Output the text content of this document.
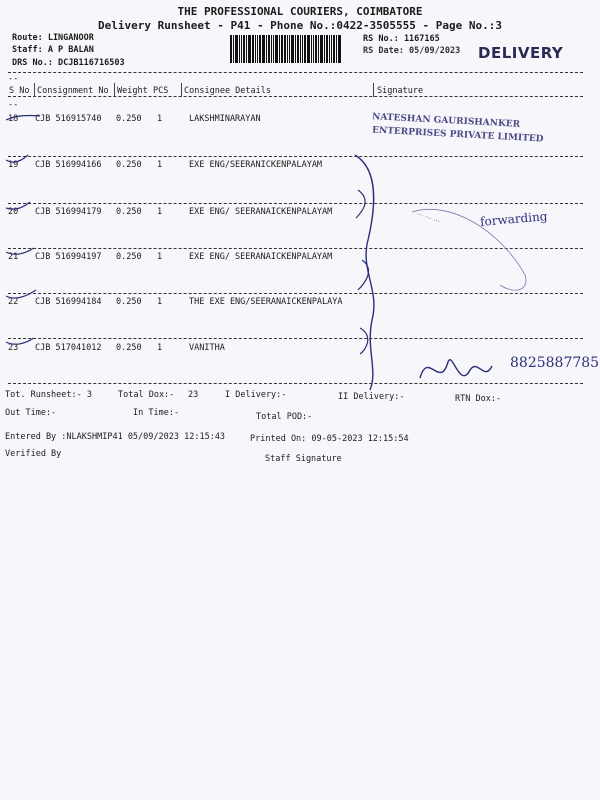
THE PROFESSIONAL COURIERS, COIMBATORE
Delivery Runsheet - P41 - Phone No.:0422-3505555 - Page No.:3
Route: LINGANOOR
Staff: A P BALAN
DRS No.: DCJB116716503
RS No.: 1167165
RS Date: 05/09/2023 DELIVERY
--
--
S No Consignment No Weight PCS Consignee Details	Signature
18 CJB 516915740 0.250 1	LAKSHMINARAYAN
19 CJB 516994166 0.250 1	EXE ENG/SEERANICKENPALAYAM
20 CJB 516994179 0.250 1	EXE ENG/ SEERANAICKENPALAYAM
21 CJB 516994197 0.250 1	EXE ENG/ SEERANAICKENPALAYAM
22 CJB 516994184 0.250 1	THE EXE ENG/SEERANAICKENPALAYA
23 CJB 517041012 0.250 1	VANITHA
NATESHAN GAURISHANKER
ENTERPRISES PRIVATE LIMITED
forwarding
··· ··· ···
8825887785
Tot. Runsheet:- 3	Total Dox:- 23	I Delivery:-	II Delivery:-	RTN Dox:-
Out Time:-	In Time:-	Total POD:-
Entered By :NLAKSHMIP41 05/09/2023 12:15:43	Printed On: 09-05-2023 12:15:54
Verified By	Staff Signature
